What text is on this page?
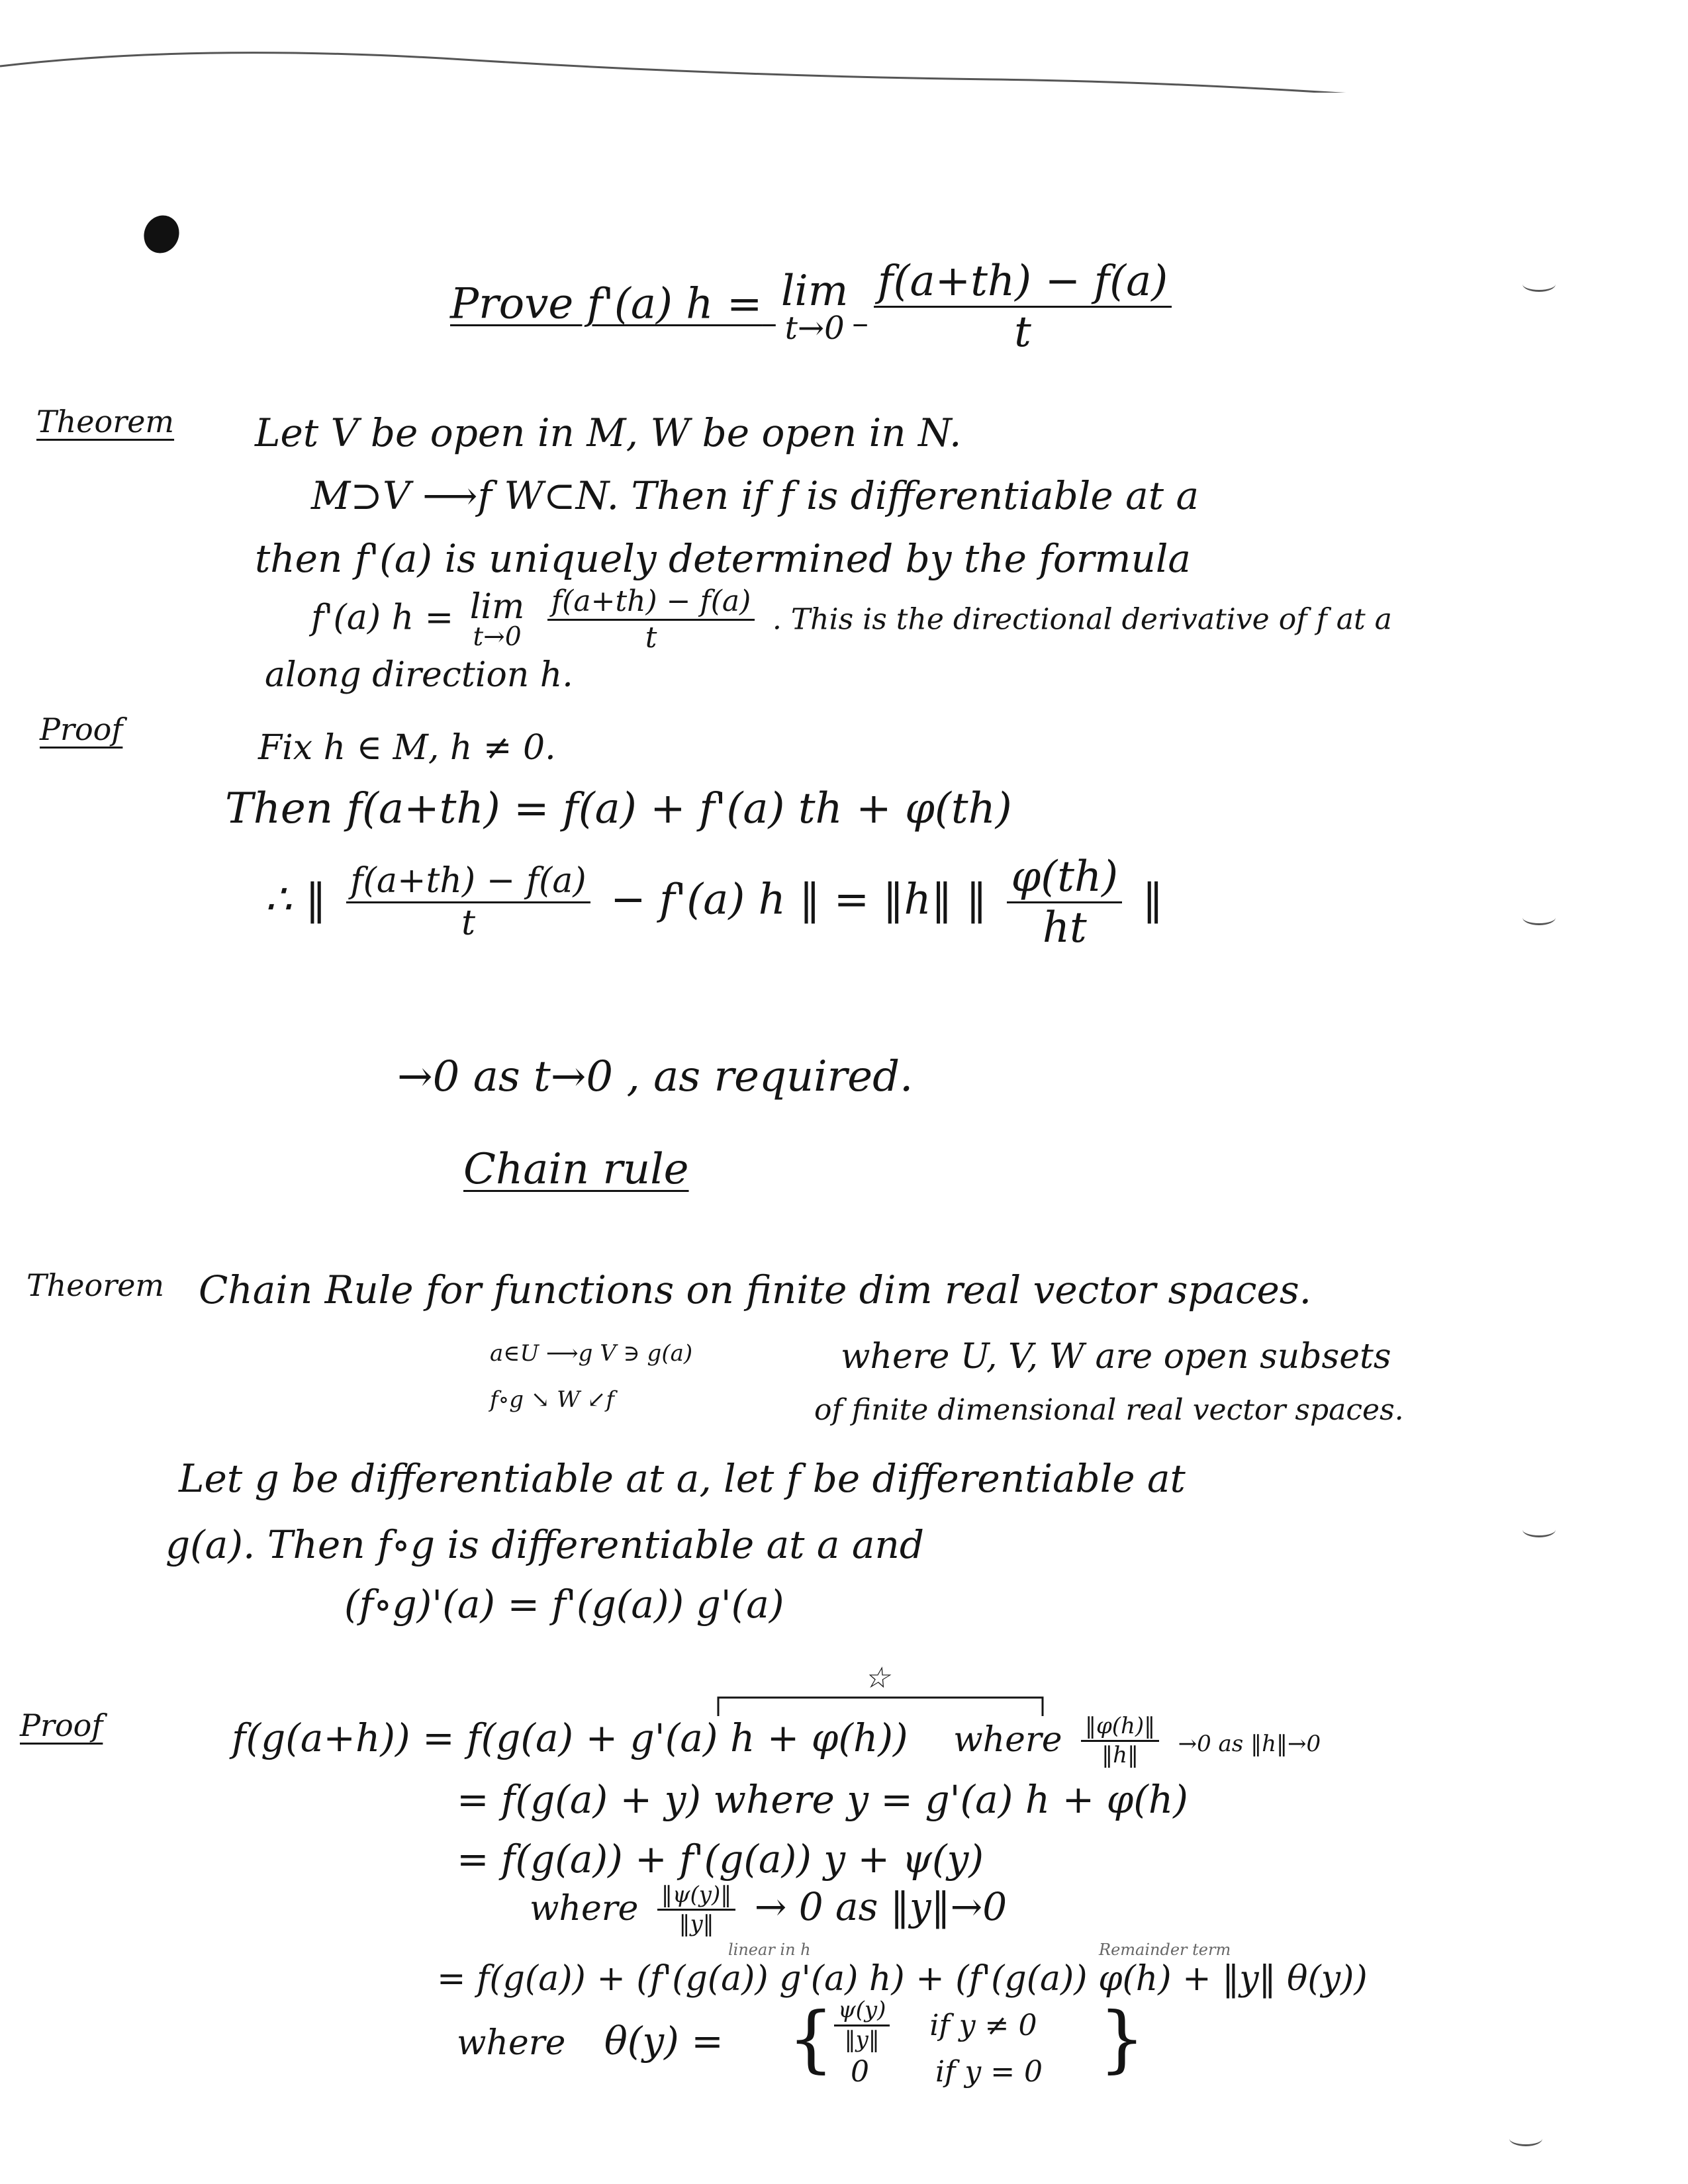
Prove f'(a) h = lim
t→0
$\frac{f(a+th) - f(a)}{t}$
Theorem Let V be open in M, W be open in N.
M⊃V ⟶f W⊂N. Then if f is differentiable at a
then f'(a) is uniquely determined by the formula
f'(a) h = lim
t→0
$\frac{f(a+th) - f(a)}{t}$ . This is the directional derivative of f at a
along direction h.
Proof	Fix h ∈ M, h ≠ 0.
Then f(a+th) = f(a) + f'(a) th + φ(th)
∴ ‖ $\frac{f(a+th) - f(a)}{t} - f'(a)$ h ‖ = ‖h‖ ‖ $\frac{\varphi(th)}{ht}$ ‖
→0 as t→0 , as required.
Chain rule
Theorem Chain Rule for functions on finite dim real vector spaces.
a∈U ⟶g V ∋ g(a)	where U, V, W are open subsets
f∘g ↘ W ↙f	of finite dimensional real vector spaces.
Let g be differentiable at a, let f be differentiable at
g(a). Then f∘g is differentiable at a and
(f∘g)'(a) = f'(g(a)) g'(a)
Proof
☆
f(g(a+h)) = f(g(a) + g'(a) h + φ(h)) where $\frac{‖\varphi(h)‖}{‖h‖} \to 0$ as ‖h‖→0
= f(g(a) + y) where y = g'(a) h + φ(h)
= f(g(a)) + f'(g(a)) y + ψ(y)
where $\frac{‖\psi(y)‖}{‖y‖} \to 0$ as ‖y‖→0
linear in h	Remainder term
= f(g(a)) + (f'(g(a)) g'(a) h) + (f'(g(a)) φ(h) + ‖y‖ θ(y))
where θ(y) = { $\frac{\psi(y)}{‖y‖}$ if y ≠ 0
0 if y = 0 }
